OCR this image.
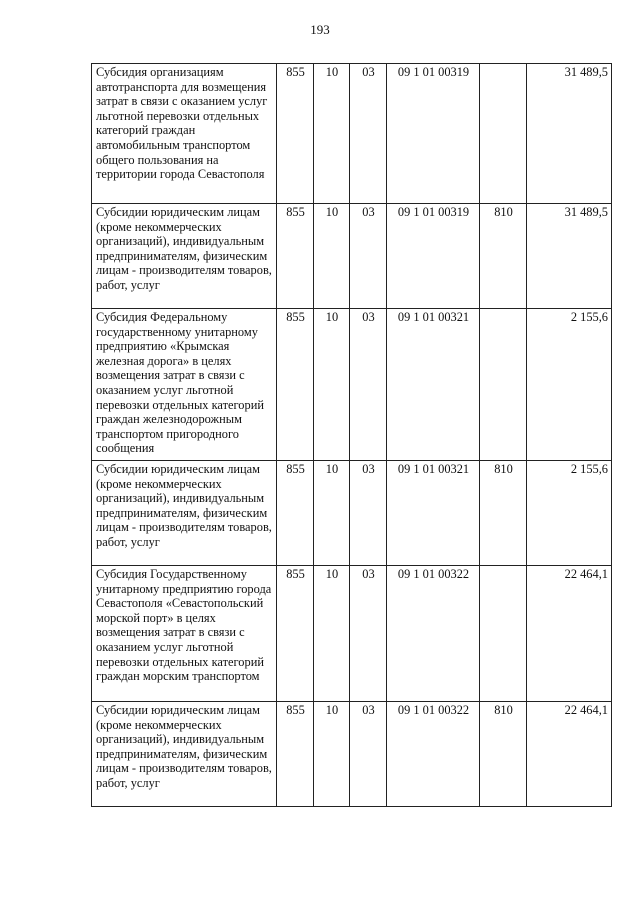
193
Субсидия организациям автотранспорта для возмещения затрат в связи с оказанием услуг льготной перевозки отдельных категорий граждан автомобильным транспортом общего пользования на территории города Севастополя	855	10	03	09 1 01 00319		31 489,5
Субсидии юридическим лицам (кроме некоммерческих организаций), индивидуальным предпринимателям, физическим лицам - производителям товаров, работ, услуг	855	10	03	09 1 01 00319	810	31 489,5
Субсидия Федеральному государственному унитарному предприятию «Крымская железная дорога» в целях возмещения затрат в связи с оказанием услуг льготной перевозки отдельных категорий граждан железнодорожным транспортом пригородного сообщения	855	10	03	09 1 01 00321		2 155,6
Субсидии юридическим лицам (кроме некоммерческих организаций), индивидуальным предпринимателям, физическим лицам - производителям товаров, работ, услуг	855	10	03	09 1 01 00321	810	2 155,6
Субсидия Государственному унитарному предприятию города Севастополя «Севастопольский морской порт» в целях возмещения затрат в связи с оказанием услуг льготной перевозки отдельных категорий граждан морским транспортом	855	10	03	09 1 01 00322		22 464,1
Субсидии юридическим лицам (кроме некоммерческих организаций), индивидуальным предпринимателям, физическим лицам - производителям товаров, работ, услуг	855	10	03	09 1 01 00322	810	22 464,1
